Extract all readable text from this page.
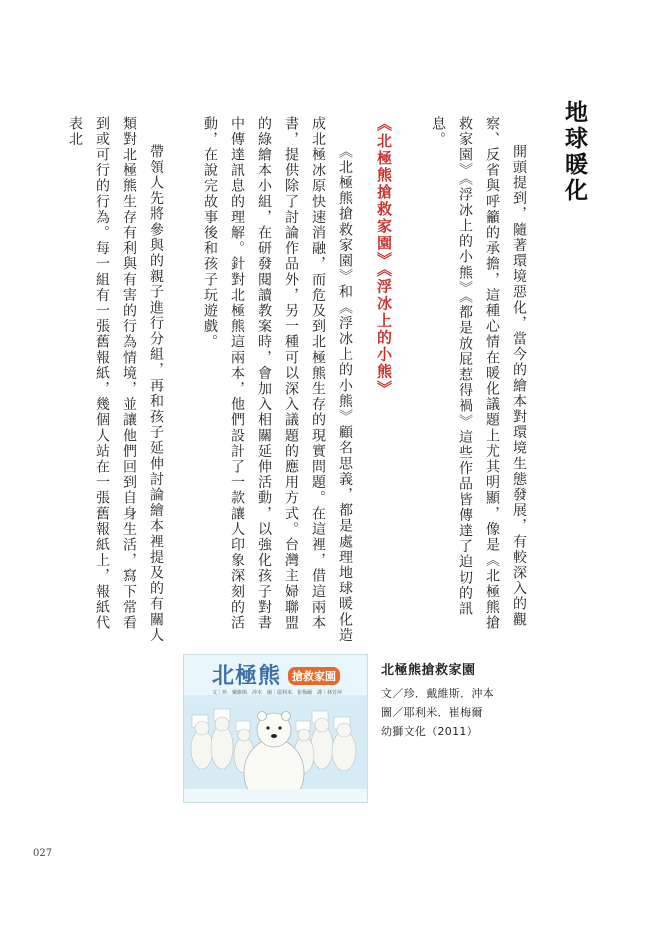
地球暖化

開頭提到，隨著環境惡化，當今的繪本對環境生態發展，有較深入的觀察、反省與呼籲的承擔，這種心情在暖化議題上尤其明顯，像是《北極熊搶救家園》《浮冰上的小熊》《都是放屁惹得禍》這些作品皆傳達了迫切的訊息。

《北極熊搶救家園》《浮冰上的小熊》

《北極熊搶救家園》和《浮冰上的小熊》顧名思義，都是處理地球暖化造成北極冰原快速消融，而危及到北極熊生存的現實問題。在這裡，借這兩本書，提供除了討論作品外，另一種可以深入議題的應用方式。台灣主婦聯盟的綠繪本小組，在研發閱讀教案時，會加入相關延伸活動，以強化孩子對書中傳達訊息的理解。針對北極熊這兩本，他們設計了一款讓人印象深刻的活動，在說完故事後和孩子玩遊戲。

帶領人先將參與的親子進行分組，再和孩子延伸討論繪本裡提及的有關人類對北極熊生存有利與有害的行為情境，並讓他們回到自身生活，寫下常看到或可行的行為。每一組有一張舊報紙，幾個人站在一張舊報紙上，報紙代表北

北極熊 搶救家園
文｜珍．戴維斯．沖本　圖｜耶利米．崔梅爾　譯｜林芳萍
北極熊搶救家園
文／珍．戴維斯．沖本
圖／耶利米．崔梅爾
幼獅文化（2011）
027
